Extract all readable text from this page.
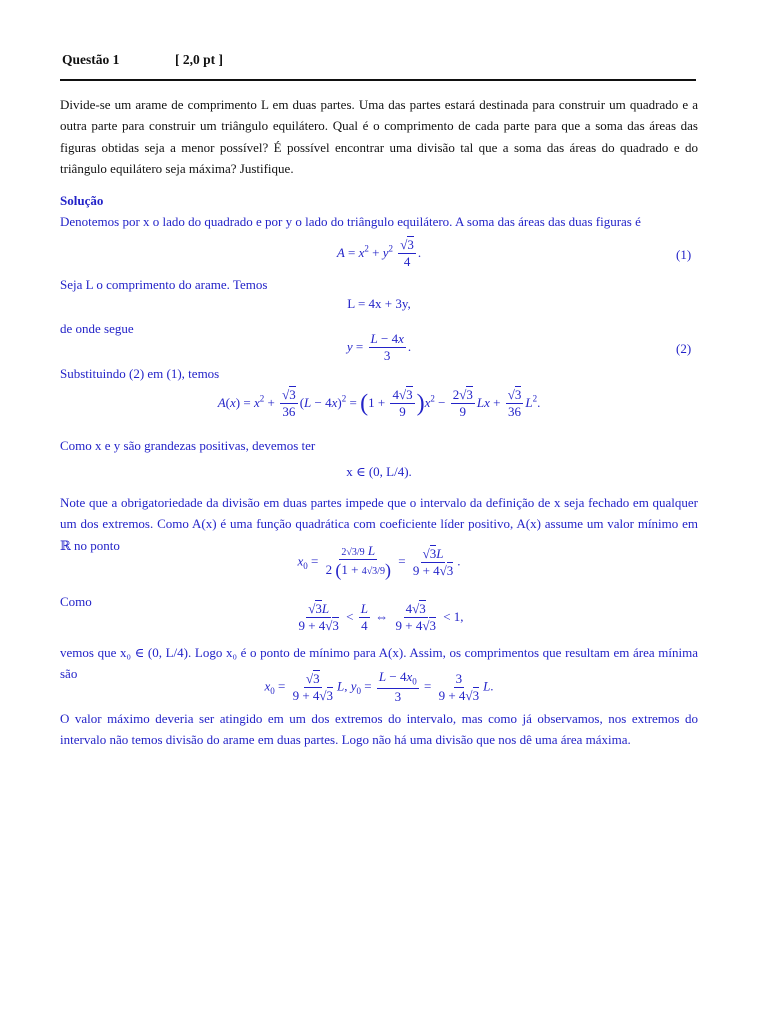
Questão 1	[ 2,0 pt ]
Divide-se um arame de comprimento L em duas partes. Uma das partes estará destinada para construir um quadrado e a outra parte para construir um triângulo equilátero. Qual é o comprimento de cada parte para que a soma das áreas das figuras obtidas seja a menor possível? É possível encontrar uma divisão tal que a soma das áreas do quadrado e do triângulo equilátero seja máxima? Justifique.
Solução
Denotemos por x o lado do quadrado e por y o lado do triângulo equilátero. A soma das áreas das duas figuras é
$A = x^2 + y^2 \frac{√3}{4}$ .	(1)
Seja L o comprimento do arame. Temos
L = 4x + 3y,
de onde segue
$y = \frac{L - 4x}{3}$ .	(2)
Substituindo (2) em (1), temos
$A(x) = x^2 + \frac{√3}{36} (L - 4x)^2 = (1 + \frac{4√3}{9} )x^2 - \frac{2√3}{9}$ $Lx + \frac{√3}{36} L^2$.
Como x e y são grandezas positivas, devemos ter
x ∈ (0, L/4).
Note que a obrigatoriedade da divisão em duas partes impede que o intervalo da definição de x seja fechado em qualquer um dos extremos. Como A(x) é uma função quadrática com coeficiente líder positivo, A(x) assume um valor mínimo em ℝ no ponto
$x_0 = \frac{2√3/9 L}{2 (1 + 4√3/9)} = \frac{√3L}{9 + 4√3}$ .
Como
$\frac{√3L}{9 + 4√3} < \frac{L}{4}$ ⇔ $\frac{4√3}{9 + 4√3} < 1$,
vemos que x₀ ∈ (0, L/4). Logo x₀ é o ponto de mínimo para A(x). Assim, os comprimentos que resultam em área mínima são
$x_0 = \frac{√3}{9 + 4√3} L$, $y_0 = \frac{L - 4x_0}{3} = \frac{3}{9 + 4√3} L$.
O valor máximo deveria ser atingido em um dos extremos do intervalo, mas como já observamos, nos extremos do intervalo não temos divisão do arame em duas partes. Logo não há uma divisão que nos dê uma área máxima.
